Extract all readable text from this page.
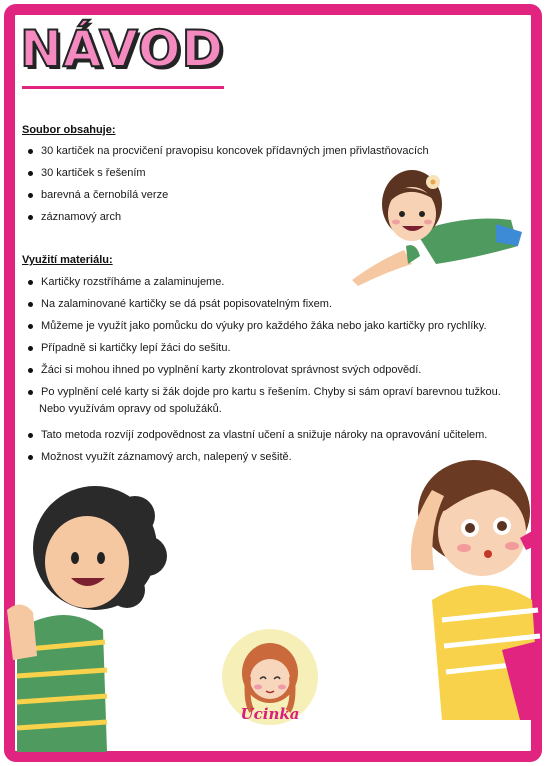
NÁVOD
Soubor obsahuje:
30 kartiček na procvičení pravopisu koncovek přídavných jmen přivlastňovacích
30 kartiček s řešením
barevná a černobílá verze
záznamový arch
Využití materiálu:
Kartičky rozstříháme a zalaminujeme.
Na zalaminované kartičky se dá psát popisovatelným fixem.
Můžeme je využít jako pomůcku do výuky pro každého žáka nebo jako kartičky pro rychlíky.
Případně si kartičky lepí žáci do sešitu.
Žáci si mohou ihned po vyplnění karty zkontrolovat správnost svých odpovědí.
Po vyplnění celé karty si žák dojde pro kartu s řešením. Chyby si sám opraví barevnou tužkou.
Nebo využívám opravy od spolužáků.
Tato metoda rozvíjí zodpovědnost za vlastní učení a snižuje nároky na opravování učitelem.
Možnost využít záznamový arch, nalepený v sešitě.
Ucinka
